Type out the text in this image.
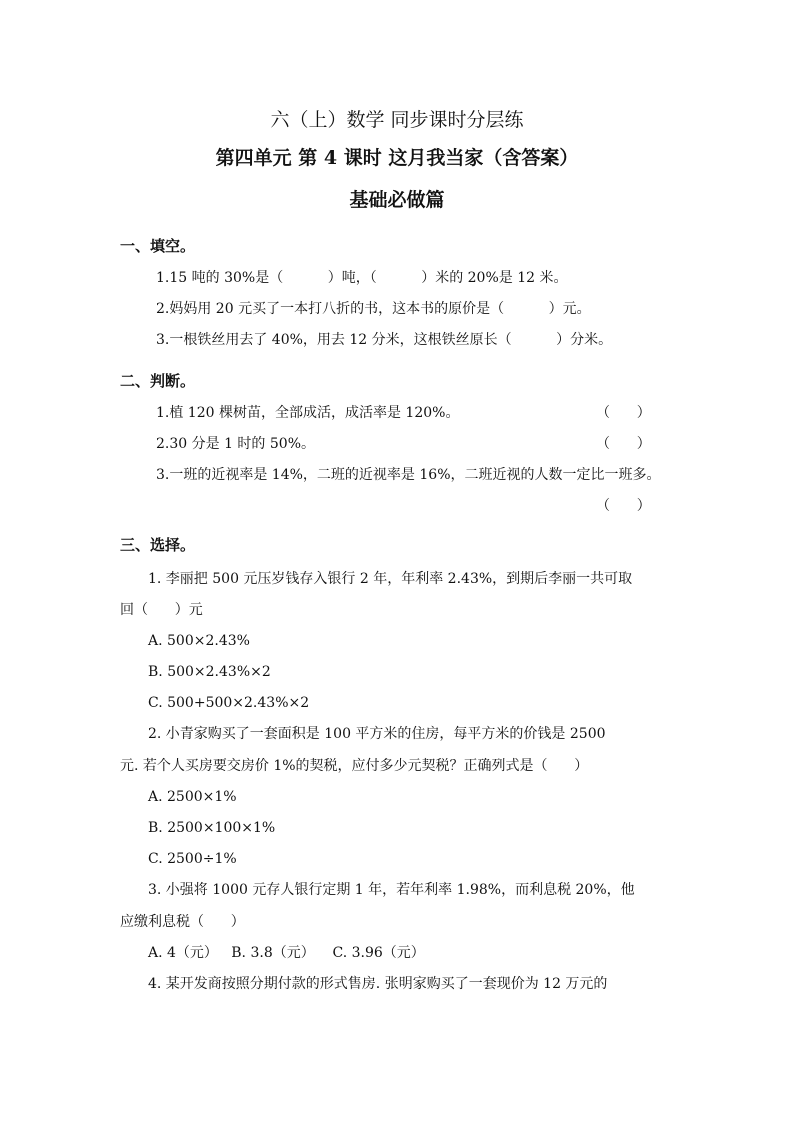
六（上）数学 同步课时分层练
第四单元 第 4 课时 这月我当家（含答案）
基础必做篇
一、填空。
1.15 吨的 30%是（          ）吨，（          ）米的 20%是 12 米。
2.妈妈用 20 元买了一本打八折的书，这本书的原价是（          ）元。
3.一根铁丝用去了 40%，用去 12 分米，这根铁丝原长（          ）分米。
二、判断。
1.植 120 棵树苗，全部成活，成活率是 120%。	（      ）
2.30 分是 1 时的 50%。	（      ）
3.一班的近视率是 14%，二班的近视率是 16%，二班近视的人数一定比一班多。
（      ）
三、选择。
1. 李丽把 500 元压岁钱存入银行 2 年，年利率 2.43%，到期后李丽一共可取
回（      ）元
A. 500×2.43%
B. 500×2.43%×2
C. 500+500×2.43%×2
2. 小青家购买了一套面积是 100 平方米的住房，每平方米的价钱是 2500
元. 若个人买房要交房价 1%的契税，应付多少元契税？正确列式是（      ）
A. 2500×1%
B. 2500×100×1%
C. 2500÷1%
3. 小强将 1000 元存人银行定期 1 年，若年利率 1.98%，而利息税 20%，他
应缴利息税（      ）
A. 4（元）   B. 3.8（元）    C. 3.96（元）
4. 某开发商按照分期付款的形式售房. 张明家购买了一套现价为 12 万元的
